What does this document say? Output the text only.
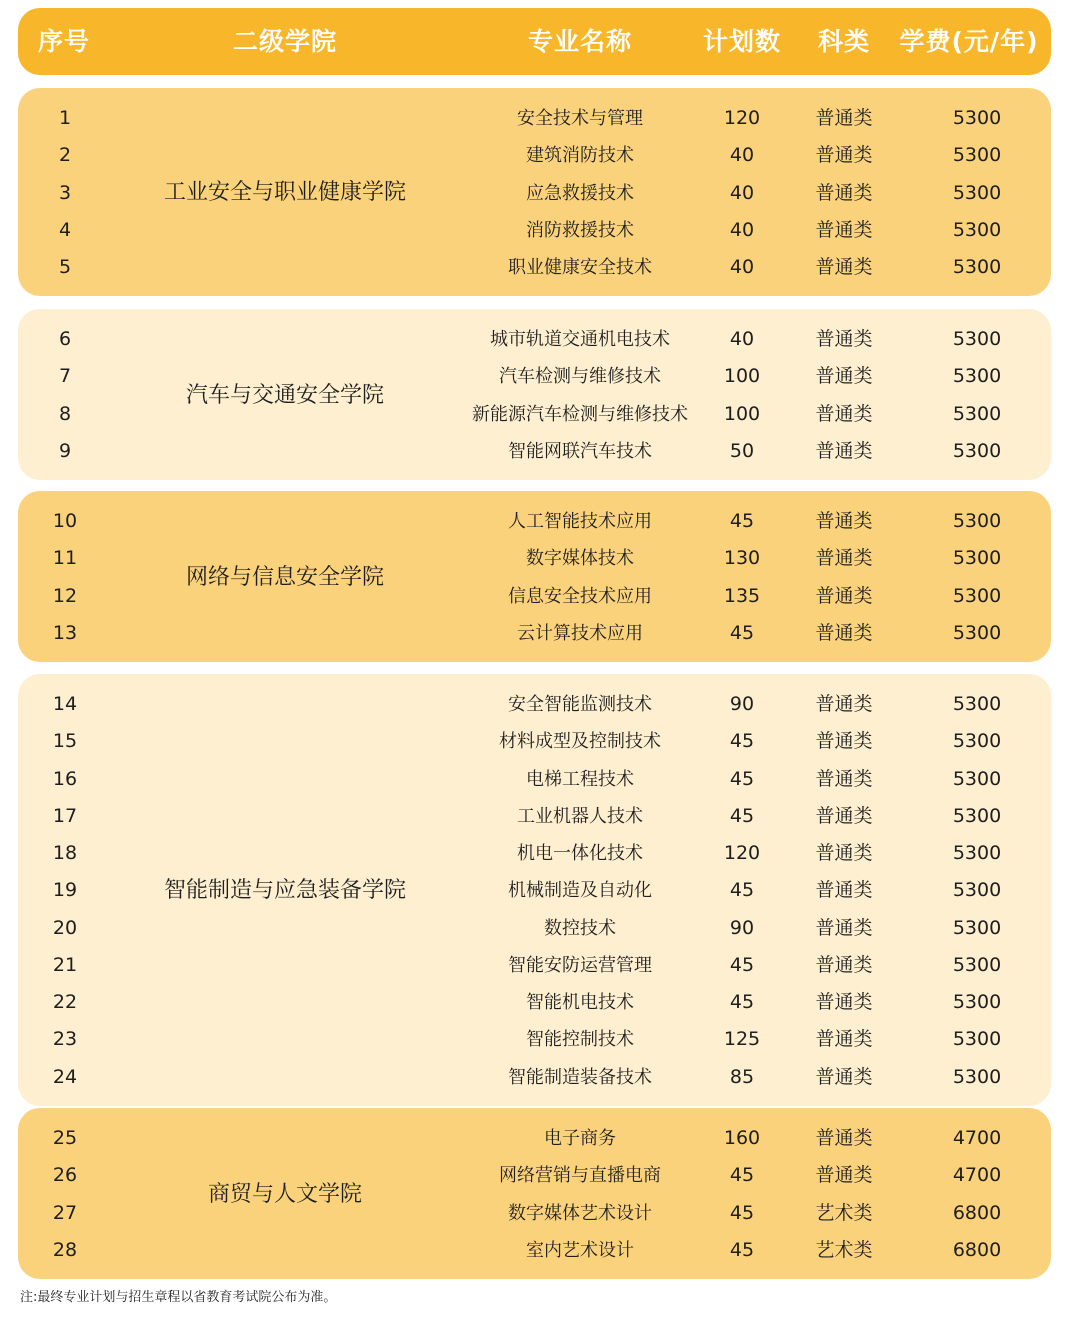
序号	二级学院	专业名称	计划数 科类 学费(元/年)
工业安全与职业健康学院
1	安全技术与管理	120	普通类	5300
2	建筑消防技术	40	普通类	5300
3	应急救援技术	40	普通类	5300
4	消防救援技术	40	普通类	5300
5	职业健康安全技术	40	普通类	5300
汽车与交通安全学院
6	城市轨道交通机电技术	40	普通类	5300
7	汽车检测与维修技术	100	普通类	5300
8	新能源汽车检测与维修技术 100	普通类	5300
9	智能网联汽车技术	50	普通类	5300
网络与信息安全学院
10	人工智能技术应用	45	普通类	5300
11	数字媒体技术	130	普通类	5300
12	信息安全技术应用	135	普通类	5300
13	云计算技术应用	45	普通类	5300
智能制造与应急装备学院
14	安全智能监测技术	90	普通类	5300
15	材料成型及控制技术	45	普通类	5300
16	电梯工程技术	45	普通类	5300
17	工业机器人技术	45	普通类	5300
18	机电一体化技术	120	普通类	5300
19	机械制造及自动化	45	普通类	5300
20	数控技术	90	普通类	5300
21	智能安防运营管理	45	普通类	5300
22	智能机电技术	45	普通类	5300
23	智能控制技术	125	普通类	5300
24	智能制造装备技术	85	普通类	5300
商贸与人文学院
25	电子商务	160	普通类	4700
26	网络营销与直播电商	45	普通类	4700
27	数字媒体艺术设计	45	艺术类	6800
28	室内艺术设计	45	艺术类	6800
注:最终专业计划与招生章程以省教育考试院公布为准。
